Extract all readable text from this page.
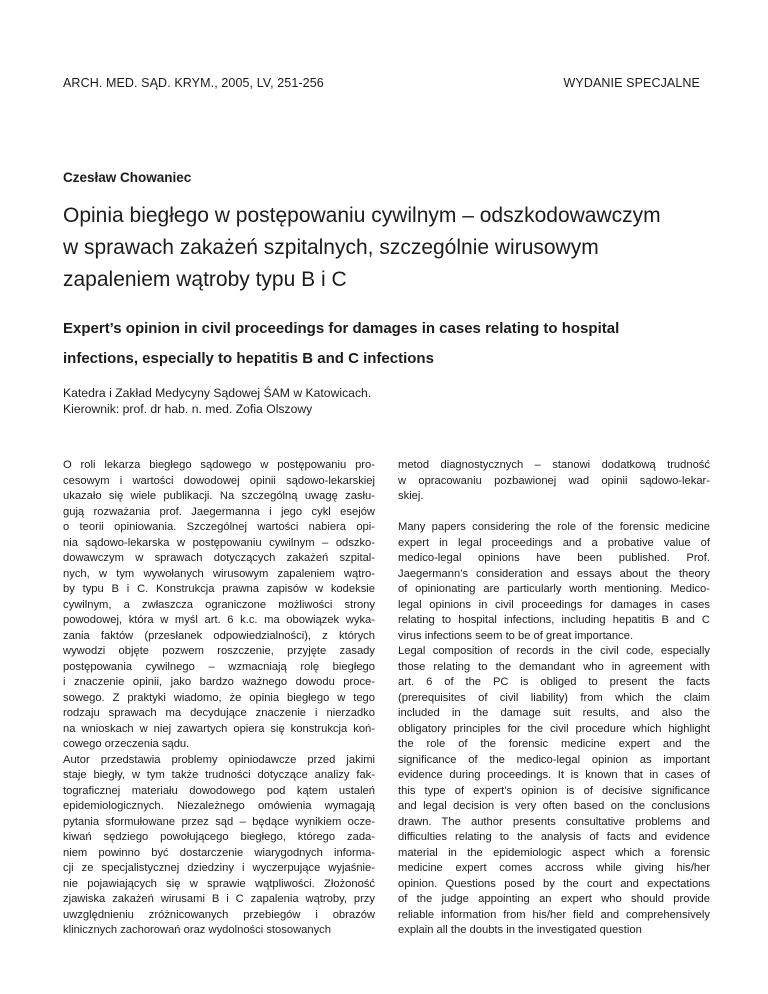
ARCH. MED. SĄD. KRYM., 2005, LV, 251-256	WYDANIE SPECJALNE
Czesław Chowaniec
Opinia biegłego w postępowaniu cywilnym – odszkodowawczym
w sprawach zakażeń szpitalnych, szczególnie wirusowym
zapaleniem wątroby typu B i C
Expert’s opinion in civil proceedings for damages in cases relating to hospital
infections, especially to hepatitis B and C infections
Katedra i Zakład Medycyny Sądowej ŚAM w Katowicach.
Kierownik: prof. dr hab. n. med. Zofia Olszowy
O roli lekarza biegłego sądowego w postępowaniu pro-
cesowym i wartości dowodowej opinii sądowo-lekarskiej
ukazało się wiele publikacji. Na szczególną uwagę zasłu-
gują rozważania prof. Jaegermanna i jego cykl esejów
o teorii opiniowania. Szczególnej wartości nabiera opi-
nia sądowo-lekarska w postępowaniu cywilnym – odszko-
dowawczym w sprawach dotyczących zakażeń szpital-
nych, w tym wywołanych wirusowym zapaleniem wątro-
by typu B i C. Konstrukcja prawna zapisów w kodeksie
cywilnym, a zwłaszcza ograniczone możliwości strony
powodowej, która w myśl art. 6 k.c. ma obowiązek wyka-
zania faktów (przesłanek odpowiedzialności), z których
wywodzi objęte pozwem roszczenie, przyjęte zasady
postępowania cywilnego – wzmacniają rolę biegłego
i znaczenie opinii, jako bardzo ważnego dowodu proce-
sowego. Z praktyki wiadomo, że opinia biegłego w tego
rodzaju sprawach ma decydujące znaczenie i nierzadko
na wnioskach w niej zawartych opiera się konstrukcja koń-
cowego orzeczenia sądu.
Autor przedstawia problemy opiniodawcze przed jakimi
staje biegły, w tym także trudności dotyczące analizy fak-
tograficznej materiału dowodowego pod kątem ustaleń
epidemiologicznych. Niezależnego omówienia wymagają
pytania sformułowane przez sąd – będące wynikiem ocze-
kiwań sędziego powołującego biegłego, którego zada-
niem powinno być dostarczenie wiarygodnych informa-
cji ze specjalistycznej dziedziny i wyczerpujące wyjaśnie-
nie pojawiających się w sprawie wątpliwości. Złożoność
zjawiska zakażeń wirusami B i C zapalenia wątroby, przy
uwzględnieniu zróżnicowanych przebiegów i obrazów
klinicznych zachorowań oraz wydolności stosowanych
metod diagnostycznych – stanowi dodatkową trudność
w opracowaniu pozbawionej wad opinii sądowo-lekar-
skiej.
Many papers considering the role of the forensic medicine
expert in legal proceedings and a probative value of
medico-legal opinions have been published. Prof.
Jaegermann’s consideration and essays about the theory
of opinionating are particularly worth mentioning. Medico-
legal opinions in civil proceedings for damages in cases
relating to hospital infections, including hepatitis B and C
virus infections seem to be of great importance.
Legal composition of records in the civil code, especially
those relating to the demandant who in agreement with
art. 6 of the PC is obliged to present the facts
(prerequisites of civil liability) from which the claim
included in the damage suit results, and also the
obligatory principles for the civil procedure which highlight
the role of the forensic medicine expert and the
significance of the medico-legal opinion as important
evidence during proceedings. It is known that in cases of
this type of expert’s opinion is of decisive significance
and legal decision is very often based on the conclusions
drawn. The author presents consultative problems and
difficulties relating to the analysis of facts and evidence
material in the epidemiologic aspect which a forensic
medicine expert comes accross while giving his/her
opinion. Questions posed by the court and expectations
of the judge appointing an expert who should provide
reliable information from his/her field and comprehensively
explain all the doubts in the investigated question
